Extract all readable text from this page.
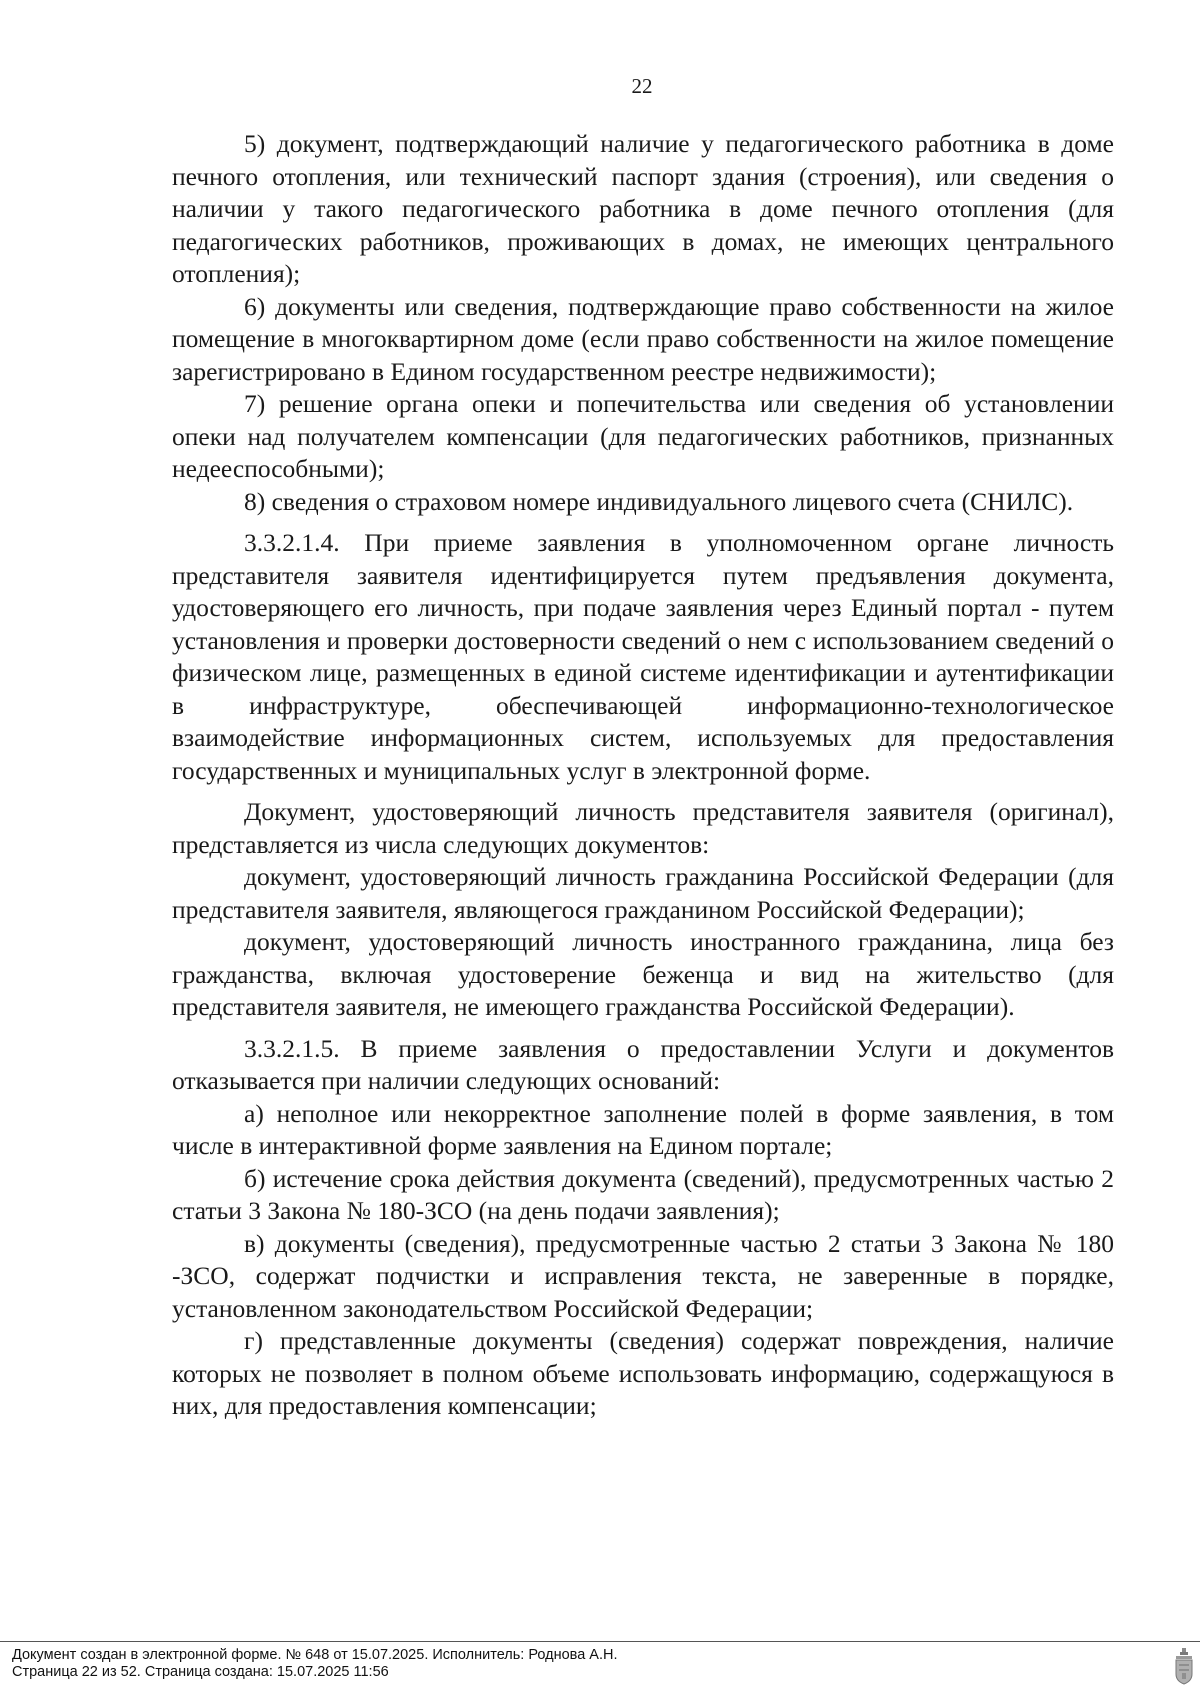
22

5) документ, подтверждающий наличие у педагогического работника в доме печного отопления, или технический паспорт здания (строения), или сведения о наличии у такого педагогического работника в доме печного отопления (для педагогических работников, проживающих в домах, не имеющих центрального отопления);

6) документы или сведения, подтверждающие право собственности на жилое помещение в многоквартирном доме (если право собственности на жилое помещение зарегистрировано в Едином государственном реестре недвижимости);

7) решение органа опеки и попечительства или сведения об установлении опеки над получателем компенсации (для педагогических работников, признанных недееспособными);

8) сведения о страховом номере индивидуального лицевого счета (СНИЛС).

3.3.2.1.4. При приеме заявления в уполномоченном органе личность представителя заявителя идентифицируется путем предъявления документа, удостоверяющего его личность, при подаче заявления через Единый портал - путем установления и проверки достоверности сведений о нем с использованием сведений о физическом лице, размещенных в единой системе идентификации и аутентификации в инфраструктуре, обеспечивающей информационно-технологическое взаимодействие информационных систем, используемых для предоставления государственных и муниципальных услуг в электронной форме.

Документ, удостоверяющий личность представителя заявителя (оригинал), представляется из числа следующих документов:

документ, удостоверяющий личность гражданина Российской Федерации (для представителя заявителя, являющегося гражданином Российской Федерации);

документ, удостоверяющий личность иностранного гражданина, лица без гражданства, включая удостоверение беженца и вид на жительство (для представителя заявителя, не имеющего гражданства Российской Федерации).

3.3.2.1.5. В приеме заявления о предоставлении Услуги и документов отказывается при наличии следующих оснований:

а) неполное или некорректное заполнение полей в форме заявления, в том числе в интерактивной форме заявления на Едином портале;

б) истечение срока действия документа (сведений), предусмотренных частью 2 статьи 3 Закона № 180-ЗСО (на день подачи заявления);

в) документы (сведения), предусмотренные частью 2 статьи 3 Закона № 180 -ЗСО, содержат подчистки и исправления текста, не заверенные в порядке, установленном законодательством Российской Федерации;

г) представленные документы (сведения) содержат повреждения, наличие которых не позволяет в полном объеме использовать информацию, содержащуюся в них, для предоставления компенсации;

Документ создан в электронной форме. № 648 от 15.07.2025. Исполнитель: Роднова А.Н.
Страница 22 из 52. Страница создана: 15.07.2025 11:56
